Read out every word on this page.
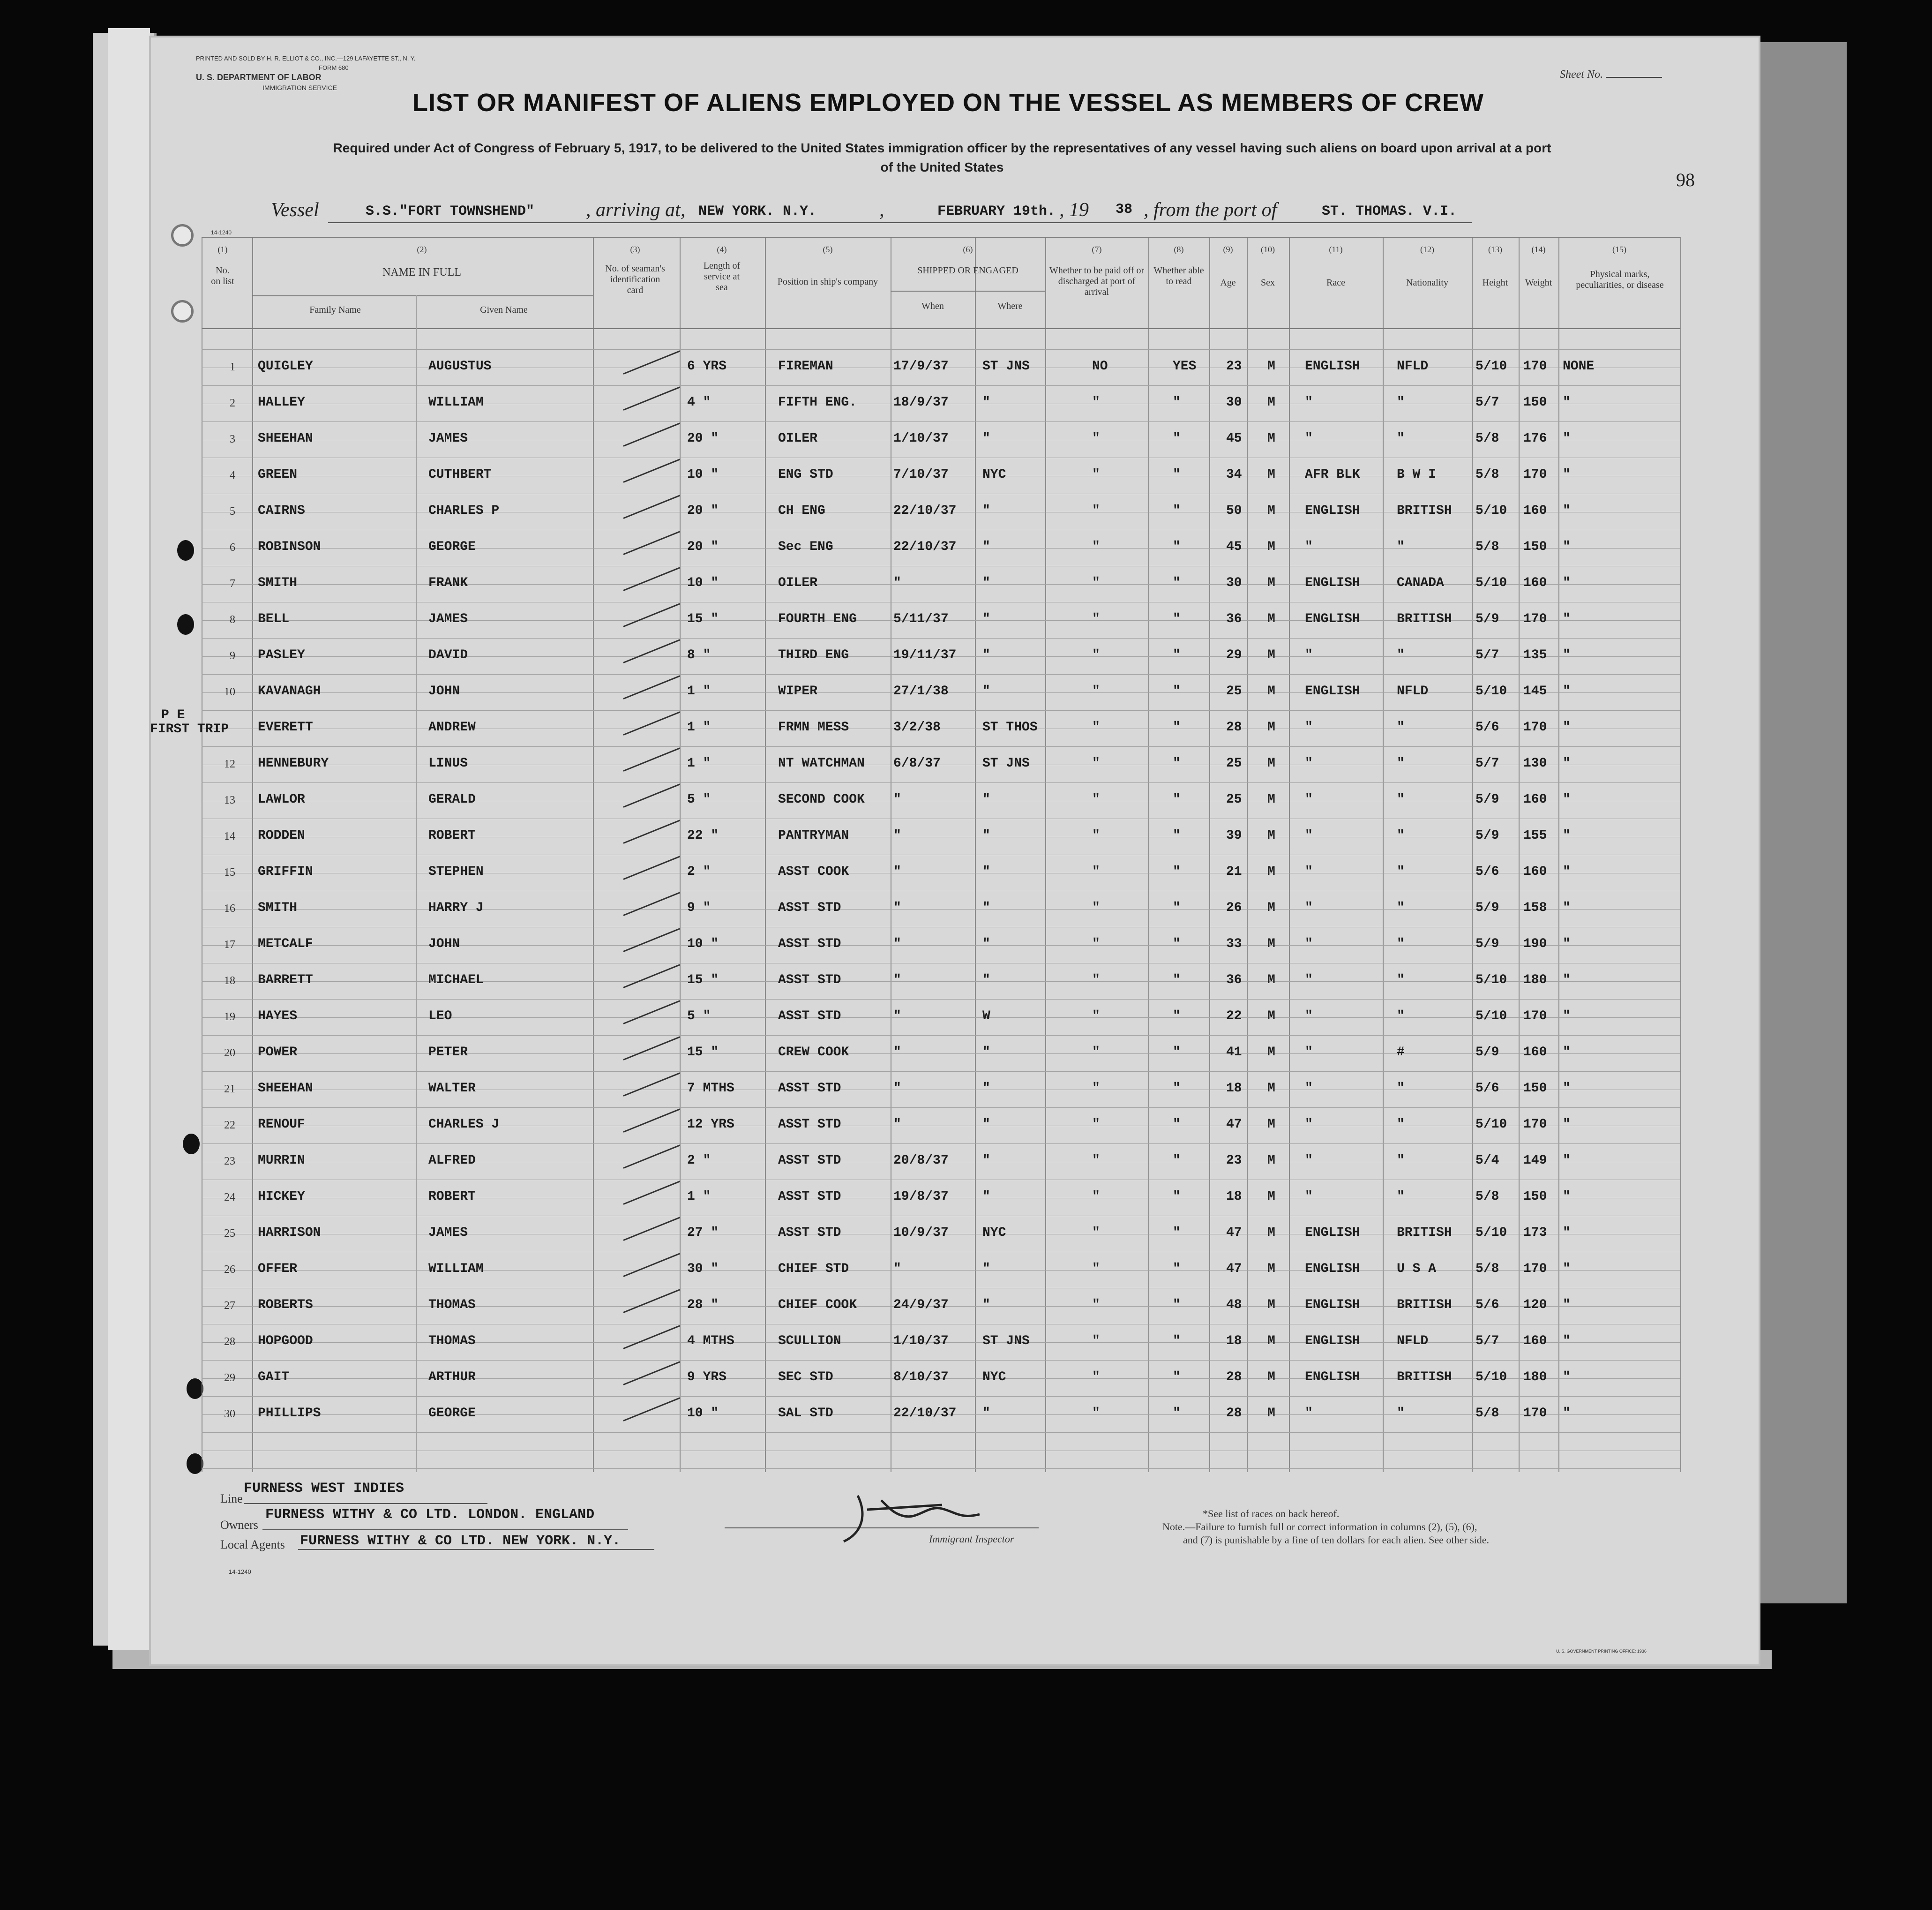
PRINTED AND SOLD BY H. R. ELLIOT & CO., INC.—129 LAFAYETTE ST., N. Y.
FORM 680
U. S. DEPARTMENT OF LABOR
IMMIGRATION SERVICE
Sheet No.
LIST OR MANIFEST OF ALIENS EMPLOYED ON THE VESSEL AS MEMBERS OF CREW
Required under Act of Congress of February 5, 1917, to be delivered to the United States immigration officer by the representatives of any vessel having such aliens on board upon arrival at a port
of the United States
98
Vessel	S.S."FORT TOWNSHEND"	, arriving at, NEW YORK. N.Y.	,	FEBRUARY 19th. , 19 38 , from the port of	ST. THOMAS. V.I.
14-1240
(1)
No. on list
(2)
NAME IN FULL
Family Name	Given Name
(3)
No. of seaman's identification card
(4)
Length of service at sea
(5)
Position in ship's company
(6)
SHIPPED OR ENGAGED
When	Where
(7)
Whether to be paid off or discharged at port of arrival
(8)
Whether able to read
(9)
Age
(10)
Sex
(11)
Race
(12)
Nationality
(13)
Height
(14)
Weight
(15)
Physical marks, peculiarities, or disease
P E
FIRST TRIP
1 QUIGLEY	AUGUSTUS	6 YRS	FIREMAN	17/9/37	ST JNS	NO	YES 23 M ENGLISH	NFLD	5/10 170 NONE
2 HALLEY	WILLIAM	4 "	FIFTH ENG.	18/9/37	"	"	"	30 M "	"	5/7 150 "
3 SHEEHAN	JAMES	20 "	OILER	1/10/37	"	"	"	45 M "	"	5/8 176 "
4 GREEN	CUTHBERT	10 "	ENG STD	7/10/37	NYC	"	"	34 M AFR BLK	B W I	5/8 170 "
5 CAIRNS	CHARLES P	20 "	CH ENG	22/10/37 "	"	"	50 M ENGLISH	BRITISH 5/10 160 "
6 ROBINSON	GEORGE	20 "	Sec ENG	22/10/37 "	"	"	45 M "	"	5/8 150 "
7 SMITH	FRANK	10 "	OILER	"	"	"	"	30 M ENGLISH	CANADA 5/10 160 "
8 BELL	JAMES	15 "	FOURTH ENG	5/11/37	"	"	"	36 M ENGLISH	BRITISH 5/9 170 "
9 PASLEY	DAVID	8 "	THIRD ENG	19/11/37 "	"	"	29 M "	"	5/7 135 "
10 KAVANAGH	JOHN	1 "	WIPER	27/1/38	"	"	"	25 M ENGLISH	NFLD	5/10 145 "
EVERETT	ANDREW	1 "	FRMN MESS	3/2/38	ST THOS	"	"	28 M "	"	5/6 170 "
12 HENNEBURY	LINUS	1 "	NT WATCHMAN 6/8/37	ST JNS	"	"	25 M "	"	5/7 130 "
13 LAWLOR	GERALD	5 "	SECOND COOK "	"	"	"	25 M "	"	5/9 160 "
14 RODDEN	ROBERT	22 "	PANTRYMAN	"	"	"	"	39 M "	"	5/9 155 "
15 GRIFFIN	STEPHEN	2 "	ASST COOK	"	"	"	"	21 M "	"	5/6 160 "
16 SMITH	HARRY J	9 "	ASST STD	"	"	"	"	26 M "	"	5/9 158 "
17 METCALF	JOHN	10 "	ASST STD	"	"	"	"	33 M "	"	5/9 190 "
18 BARRETT	MICHAEL	15 "	ASST STD	"	"	"	"	36 M "	"	5/10 180 "
19 HAYES	LEO	5 "	ASST STD	"	W	"	"	22 M "	"	5/10 170 "
20 POWER	PETER	15 "	CREW COOK	"	"	"	"	41 M "	#	5/9 160 "
21 SHEEHAN	WALTER	7 MTHS	ASST STD	"	"	"	"	18 M "	"	5/6 150 "
22 RENOUF	CHARLES J	12 YRS	ASST STD	"	"	"	"	47 M "	"	5/10 170 "
23 MURRIN	ALFRED	2 "	ASST STD	20/8/37	"	"	"	23 M "	"	5/4 149 "
24 HICKEY	ROBERT	1 "	ASST STD	19/8/37	"	"	"	18 M "	"	5/8 150 "
25 HARRISON	JAMES	27 "	ASST STD	10/9/37	NYC	"	"	47 M ENGLISH	BRITISH 5/10 173 "
26 OFFER	WILLIAM	30 "	CHIEF STD	"	"	"	"	47 M ENGLISH	U S A	5/8 170 "
27 ROBERTS	THOMAS	28 "	CHIEF COOK	24/9/37	"	"	"	48 M ENGLISH	BRITISH 5/6 120 "
28 HOPGOOD	THOMAS	4 MTHS	SCULLION	1/10/37	ST JNS	"	"	18 M ENGLISH	NFLD	5/7 160 "
29 GAIT	ARTHUR	9 YRS	SEC STD	8/10/37	NYC	"	"	28 M ENGLISH	BRITISH 5/10 180 "
30 PHILLIPS	GEORGE	10 "	SAL STD	22/10/37 "	"	"	28 M "	"	5/8 170 "
Line
FURNESS WEST INDIES
Owners
FURNESS WITHY & CO LTD. LONDON. ENGLAND
Local Agents FURNESS WITHY & CO LTD. NEW YORK. N.Y.
14-1240
Immigrant Inspector
*See list of races on back hereof.
Note.—Failure to furnish full or correct information in columns (2), (5), (6),
and (7) is punishable by a fine of ten dollars for each alien. See other side.
U. S. GOVERNMENT PRINTING OFFICE: 1936
